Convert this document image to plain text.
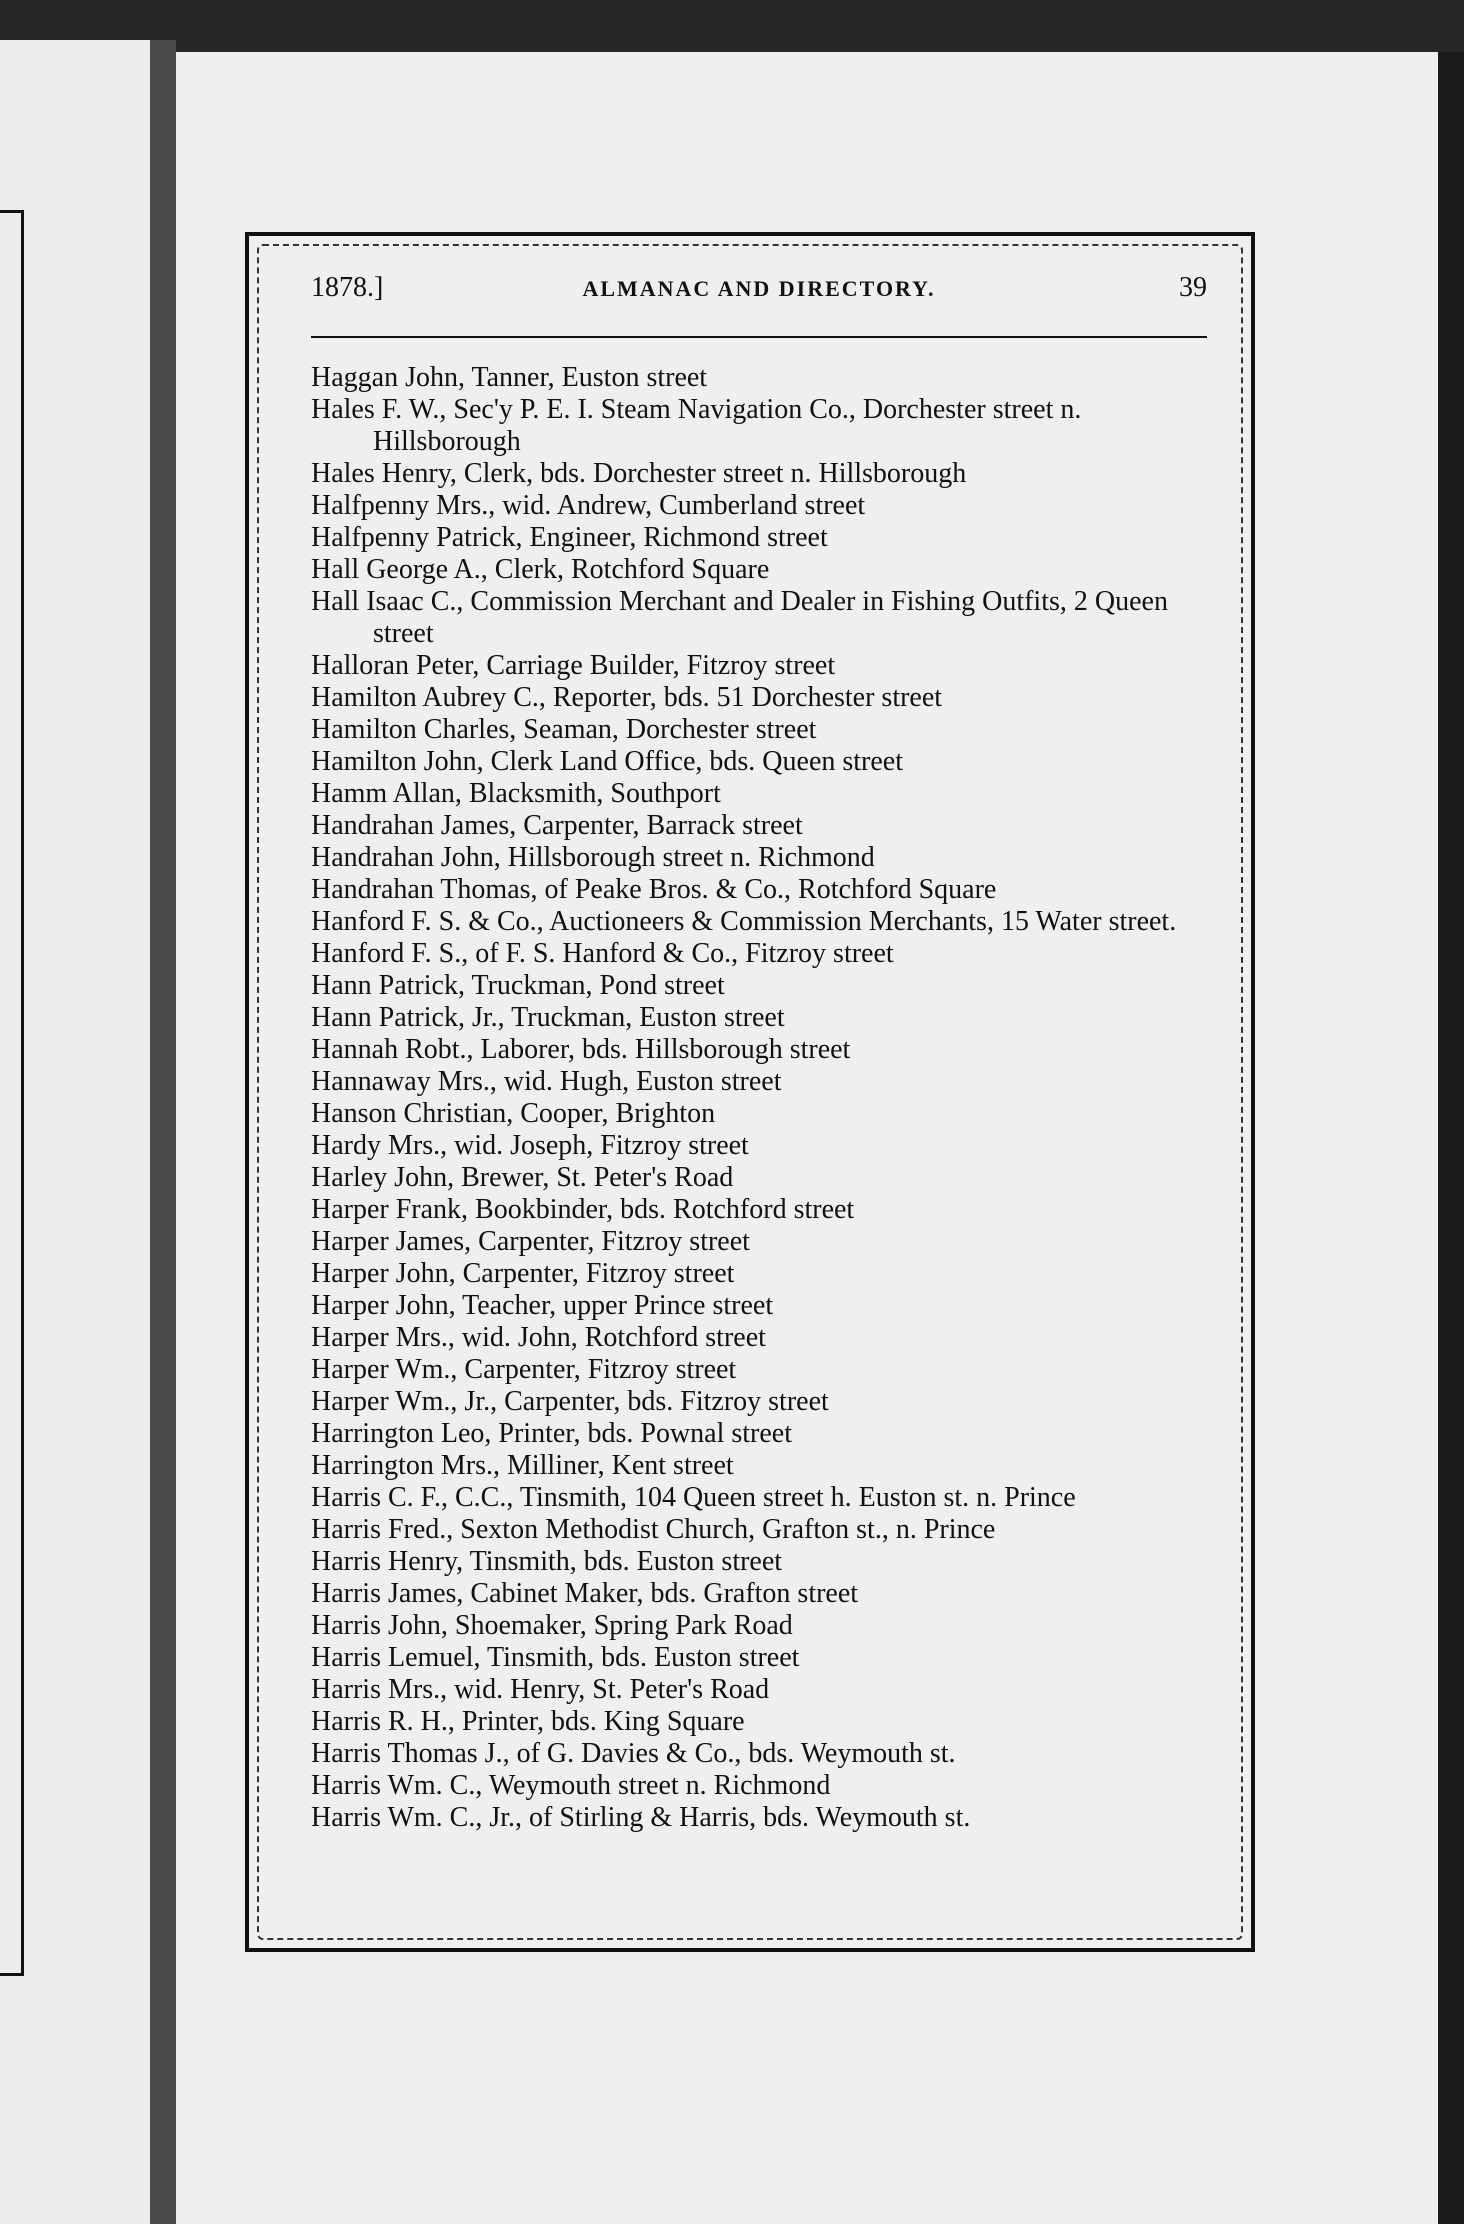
1878.]	ALMANAC AND DIRECTORY.	39
Haggan John, Tanner, Euston street
Hales F. W., Sec'y P. E. I. Steam Navigation Co., Dorchester street n. Hillsborough
Hales Henry, Clerk, bds. Dorchester street n. Hillsborough
Halfpenny Mrs., wid. Andrew, Cumberland street
Halfpenny Patrick, Engineer, Richmond street
Hall George A., Clerk, Rotchford Square
Hall Isaac C., Commission Merchant and Dealer in Fishing Outfits, 2 Queen street
Halloran Peter, Carriage Builder, Fitzroy street
Hamilton Aubrey C., Reporter, bds. 51 Dorchester street
Hamilton Charles, Seaman, Dorchester street
Hamilton John, Clerk Land Office, bds. Queen street
Hamm Allan, Blacksmith, Southport
Handrahan James, Carpenter, Barrack street
Handrahan John, Hillsborough street n. Richmond
Handrahan Thomas, of Peake Bros. & Co., Rotchford Square
Hanford F. S. & Co., Auctioneers & Commission Merchants, 15 Water street.
Hanford F. S., of F. S. Hanford & Co., Fitzroy street
Hann Patrick, Truckman, Pond street
Hann Patrick, Jr., Truckman, Euston street
Hannah Robt., Laborer, bds. Hillsborough street
Hannaway Mrs., wid. Hugh, Euston street
Hanson Christian, Cooper, Brighton
Hardy Mrs., wid. Joseph, Fitzroy street
Harley John, Brewer, St. Peter's Road
Harper Frank, Bookbinder, bds. Rotchford street
Harper James, Carpenter, Fitzroy street
Harper John, Carpenter, Fitzroy street
Harper John, Teacher, upper Prince street
Harper Mrs., wid. John, Rotchford street
Harper Wm., Carpenter, Fitzroy street
Harper Wm., Jr., Carpenter, bds. Fitzroy street
Harrington Leo, Printer, bds. Pownal street
Harrington Mrs., Milliner, Kent street
Harris C. F., C.C., Tinsmith, 104 Queen street h. Euston st. n. Prince
Harris Fred., Sexton Methodist Church, Grafton st., n. Prince
Harris Henry, Tinsmith, bds. Euston street
Harris James, Cabinet Maker, bds. Grafton street
Harris John, Shoemaker, Spring Park Road
Harris Lemuel, Tinsmith, bds. Euston street
Harris Mrs., wid. Henry, St. Peter's Road
Harris R. H., Printer, bds. King Square
Harris Thomas J., of G. Davies & Co., bds. Weymouth st.
Harris Wm. C., Weymouth street n. Richmond
Harris Wm. C., Jr., of Stirling & Harris, bds. Weymouth st.
